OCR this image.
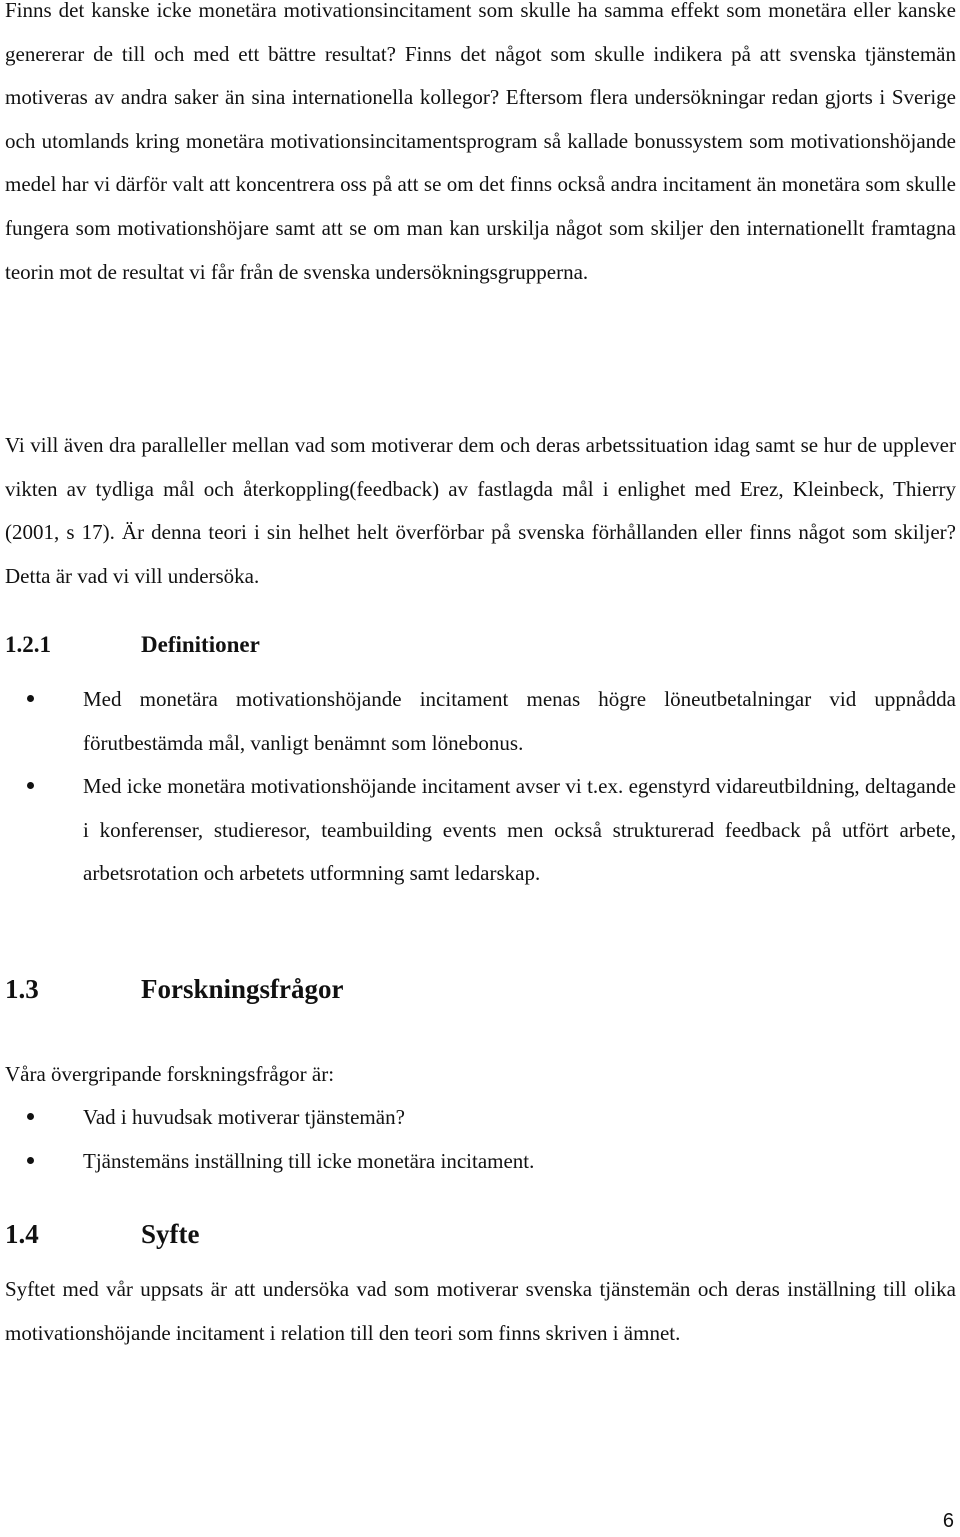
Finns det kanske icke monetära motivationsincitament som skulle ha samma effekt som monetära eller kanske genererar de till och med ett bättre resultat? Finns det något som skulle indikera på att svenska tjänstemän motiveras av andra saker än sina internationella kollegor? Eftersom flera undersökningar redan gjorts i Sverige och utomlands kring monetära motivationsincitamentsprogram så kallade bonussystem som motivationshöjande medel har vi därför valt att koncentrera oss på att se om det finns också andra incitament än monetära som skulle fungera som motivationshöjare samt att se om man kan urskilja något som skiljer den internationellt framtagna teorin mot de resultat vi får från de svenska undersökningsgrupperna.

Vi vill även dra paralleller mellan vad som motiverar dem och deras arbetssituation idag samt se hur de upplever vikten av tydliga mål och återkoppling(feedback) av fastlagda mål i enlighet med Erez, Kleinbeck, Thierry (2001, s 17). Är denna teori i sin helhet helt överförbar på svenska förhållanden eller finns något som skiljer? Detta är vad vi vill undersöka.

1.2.1	Definitioner
Med monetära motivationshöjande incitament menas högre löneutbetalningar vid uppnådda förutbestämda mål, vanligt benämnt som lönebonus.
Med icke monetära motivationshöjande incitament avser vi t.ex. egenstyrd vidareutbildning, deltagande i konferenser, studieresor, teambuilding events men också strukturerad feedback på utfört arbete, arbetsrotation och arbetets utformning samt ledarskap.
1.3	Forskningsfrågor

Våra övergripande forskningsfrågor är:

Vad i huvudsak motiverar tjänstemän?
Tjänstemäns inställning till icke monetära incitament.
1.4	Syfte

Syftet med vår uppsats är att undersöka vad som motiverar svenska tjänstemän och deras inställning till olika motivationshöjande incitament i relation till den teori som finns skriven i ämnet.

6
